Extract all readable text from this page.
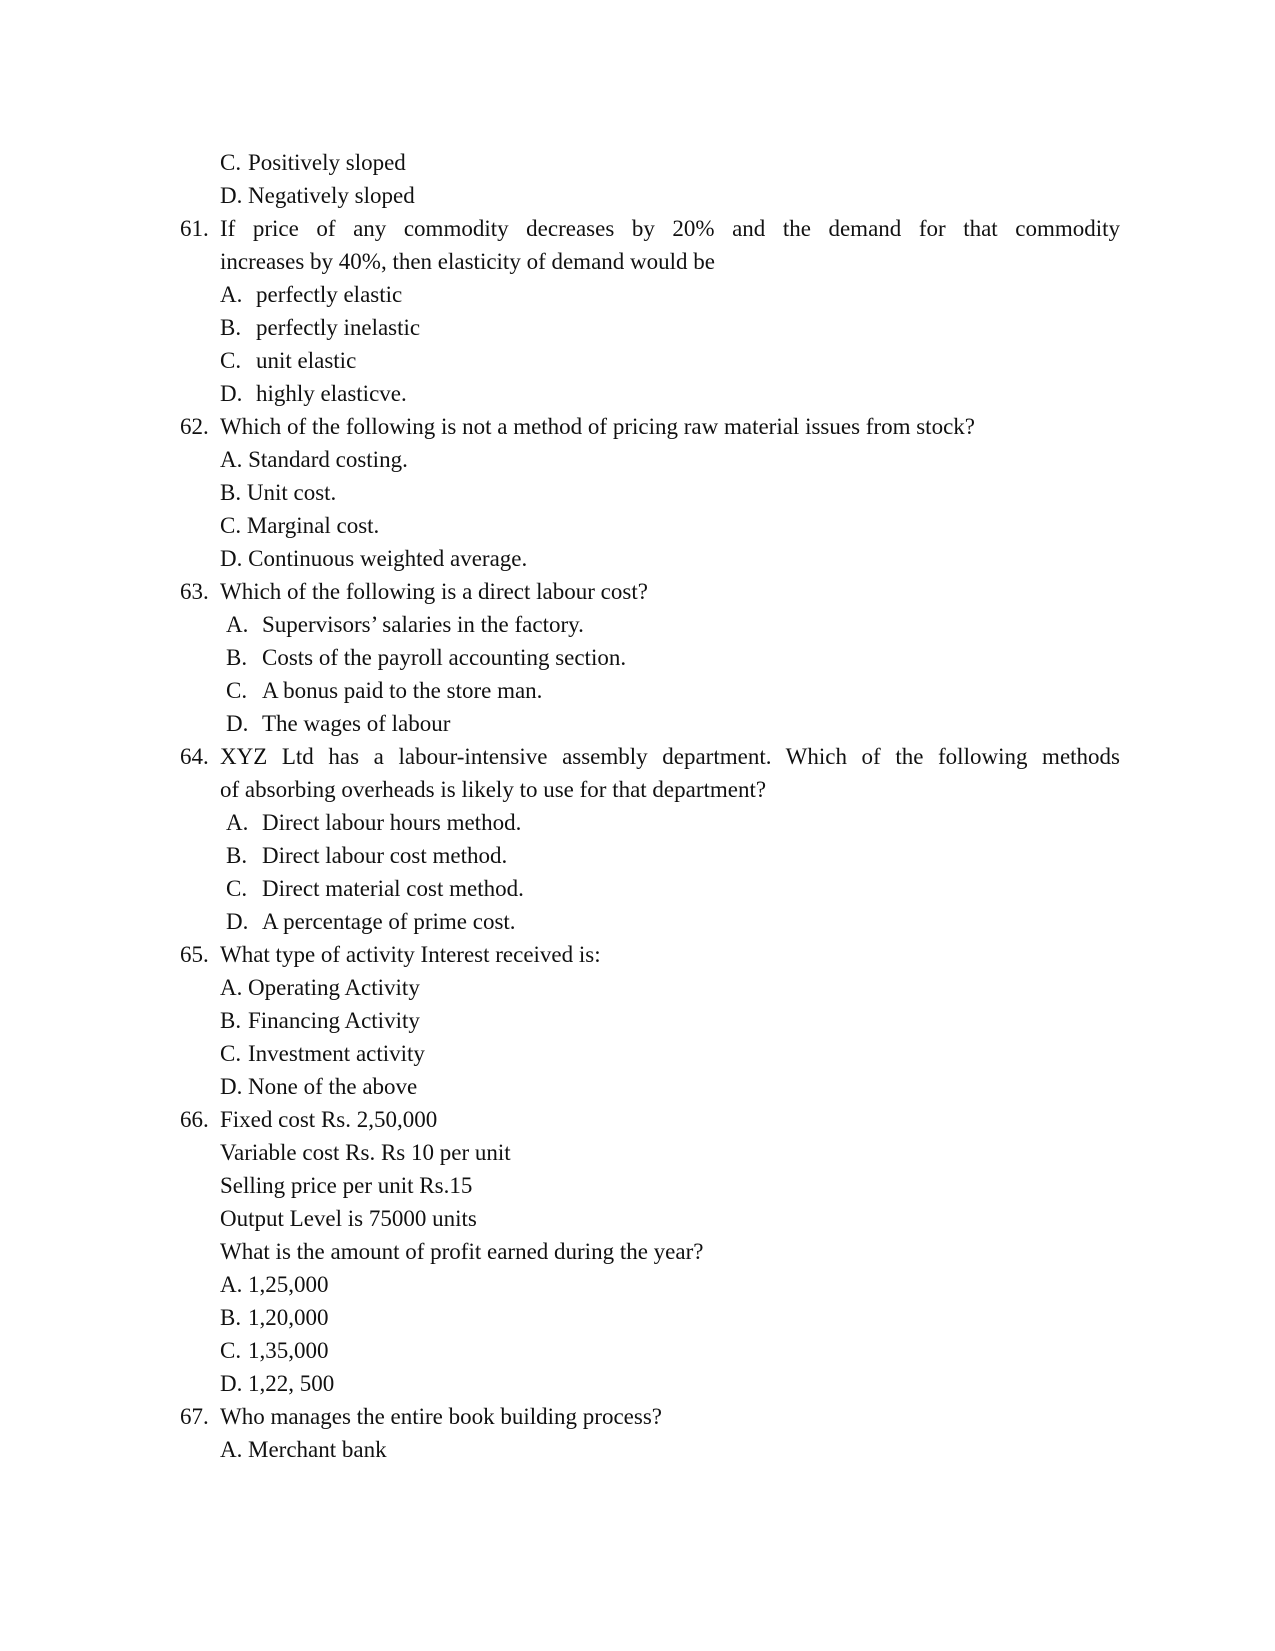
C. Positively sloped
D. Negatively sloped
61. If price of any commodity decreases by 20% and the demand for that commodity
increases by 40%, then elasticity of demand would be
A. perfectly elastic
B. perfectly inelastic
C. unit elastic
D. highly elasticve.
62. Which of the following is not a method of pricing raw material issues from stock?
A. Standard costing.
B. Unit cost.
C. Marginal cost.
D. Continuous weighted average.
63. Which of the following is a direct labour cost?
A. Supervisors’ salaries in the factory.
B. Costs of the payroll accounting section.
C. A bonus paid to the store man.
D. The wages of labour
64. XYZ Ltd has a labour-intensive assembly department. Which of the following methods
of absorbing overheads is likely to use for that department?
A. Direct labour hours method.
B. Direct labour cost method.
C. Direct material cost method.
D. A percentage of prime cost.
65. What type of activity Interest received is:
A. Operating Activity
B. Financing Activity
C. Investment activity
D. None of the above
66. Fixed cost Rs. 2,50,000
Variable cost Rs. Rs 10 per unit
Selling price per unit Rs.15
Output Level is 75000 units
What is the amount of profit earned during the year?
A. 1,25,000
B. 1,20,000
C. 1,35,000
D. 1,22, 500
67. Who manages the entire book building process?
A. Merchant bank
